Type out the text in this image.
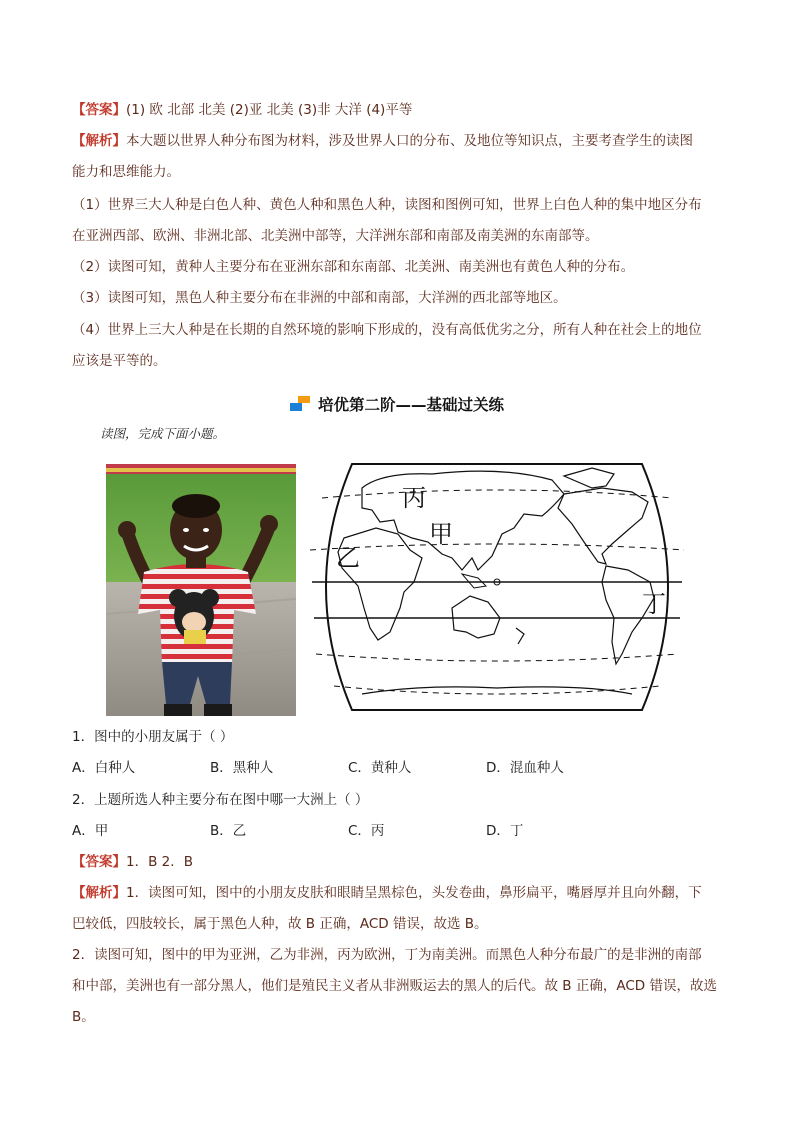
【答案】(1) 欧 北部 北美 (2)亚 北美 (3)非 大洋 (4)平等
【解析】本大题以世界人种分布图为材料，涉及世界人口的分布、及地位等知识点，主要考查学生的读图
能力和思维能力。
（1）世界三大人种是白色人种、黄色人种和黑色人种，读图和图例可知，世界上白色人种的集中地区分布
在亚洲西部、欧洲、非洲北部、北美洲中部等，大洋洲东部和南部及南美洲的东南部等。
（2）读图可知，黄种人主要分布在亚洲东部和东南部、北美洲、南美洲也有黄色人种的分布。
（3）读图可知，黑色人种主要分布在非洲的中部和南部，大洋洲的西北部等地区。
（4）世界上三大人种是在长期的自然环境的影响下形成的，没有高低优劣之分，所有人种在社会上的地位
应该是平等的。
培优第二阶——基础过关练
读图，完成下面小题。
丙
甲
乙
丁
1．图中的小朋友属于（ ）
A．白种人	B．黑种人	C．黄种人	D．混血种人
2．上题所选人种主要分布在图中哪一大洲上（ ）
A．甲	B．乙	C．丙	D．丁
【答案】1．B 2．B
【解析】1．读图可知，图中的小朋友皮肤和眼睛呈黑棕色，头发卷曲，鼻形扁平，嘴唇厚并且向外翻，下
巴较低，四肢较长，属于黑色人种，故 B 正确，ACD 错误，故选 B。
2．读图可知，图中的甲为亚洲，乙为非洲，丙为欧洲，丁为南美洲。而黑色人种分布最广的是非洲的南部
和中部，美洲也有一部分黑人，他们是殖民主义者从非洲贩运去的黑人的后代。故 B 正确，ACD 错误，故选
B。
